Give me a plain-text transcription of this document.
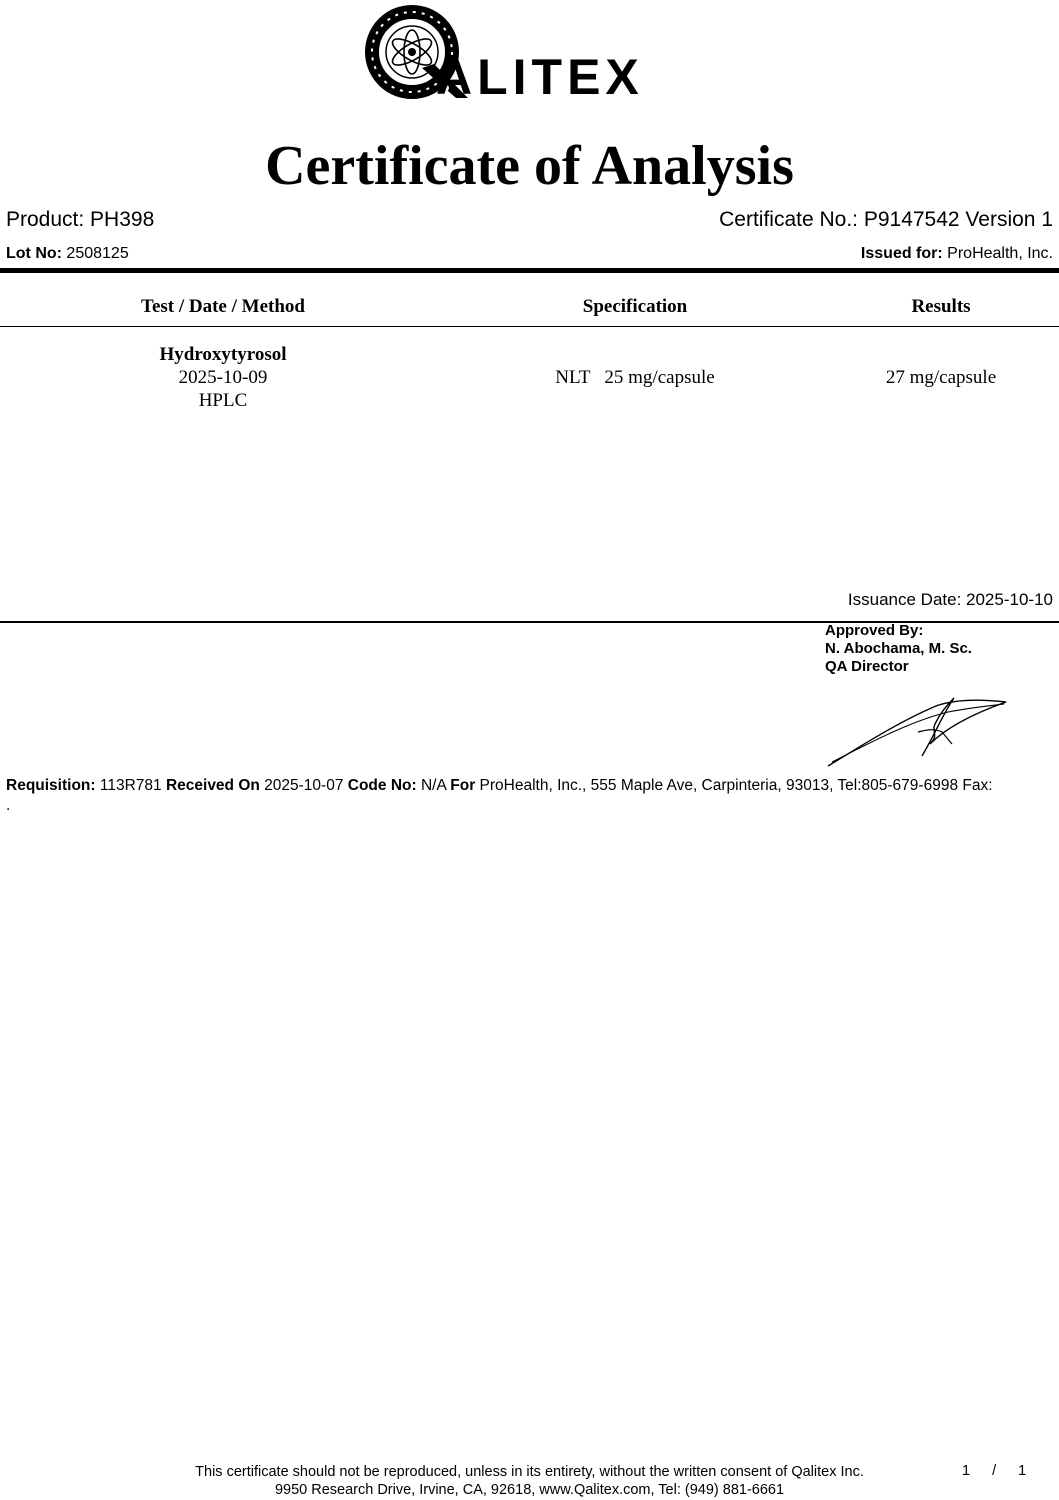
ALITEX
Certificate of Analysis
Product: PH398	Certificate No.: P9147542 Version 1
Lot No: 2508125	Issued for: ProHealth, Inc.
Test / Date / Method	Specification	Results
Hydroxytyrosol
2025-10-09
HPLC
NLT   25 mg/capsule	27 mg/capsule
Issuance Date: 2025-10-10
Approved By:
N. Abochama, M. Sc.
QA Director
Requisition: 113R781 Received On 2025-10-07 Code No: N/A For ProHealth, Inc., 555 Maple Ave, Carpinteria, 93013, Tel:805-679-6998 Fax:
.
This certificate should not be reproduced, unless in its entirety, without the written consent of Qalitex Inc.
9950 Research Drive, Irvine, CA, 92618, www.Qalitex.com, Tel: (949) 881-6661
1 / 1
